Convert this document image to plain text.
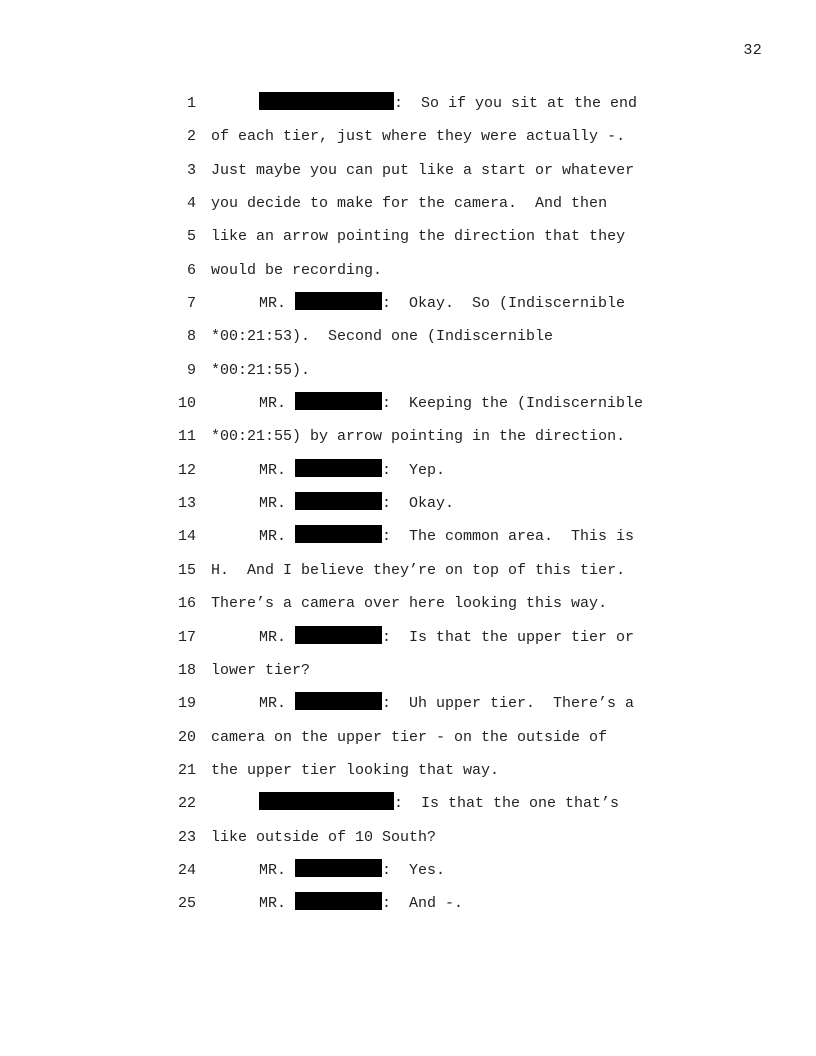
32
1	:  So if you sit at the end
2 of each tier, just where they were actually -.
3 Just maybe you can put like a start or whatever
4 you decide to make for the camera.  And then
5 like an arrow pointing the direction that they
6 would be recording.
7	MR.	:  Okay.  So (Indiscernible
8 *00:21:53).  Second one (Indiscernible
9 *00:21:55).
10	MR.	:  Keeping the (Indiscernible
11 *00:21:55) by arrow pointing in the direction.
12	MR.	:  Yep.
13	MR.	:  Okay.
14	MR.	:  The common area.  This is
15 H.  And I believe they’re on top of this tier.
16 There’s a camera over here looking this way.
17	MR.	:  Is that the upper tier or
18 lower tier?
19	MR.	:  Uh upper tier.  There’s a
20 camera on the upper tier - on the outside of
21 the upper tier looking that way.
22	:  Is that the one that’s
23 like outside of 10 South?
24	MR.	:  Yes.
25	MR.	:  And -.
